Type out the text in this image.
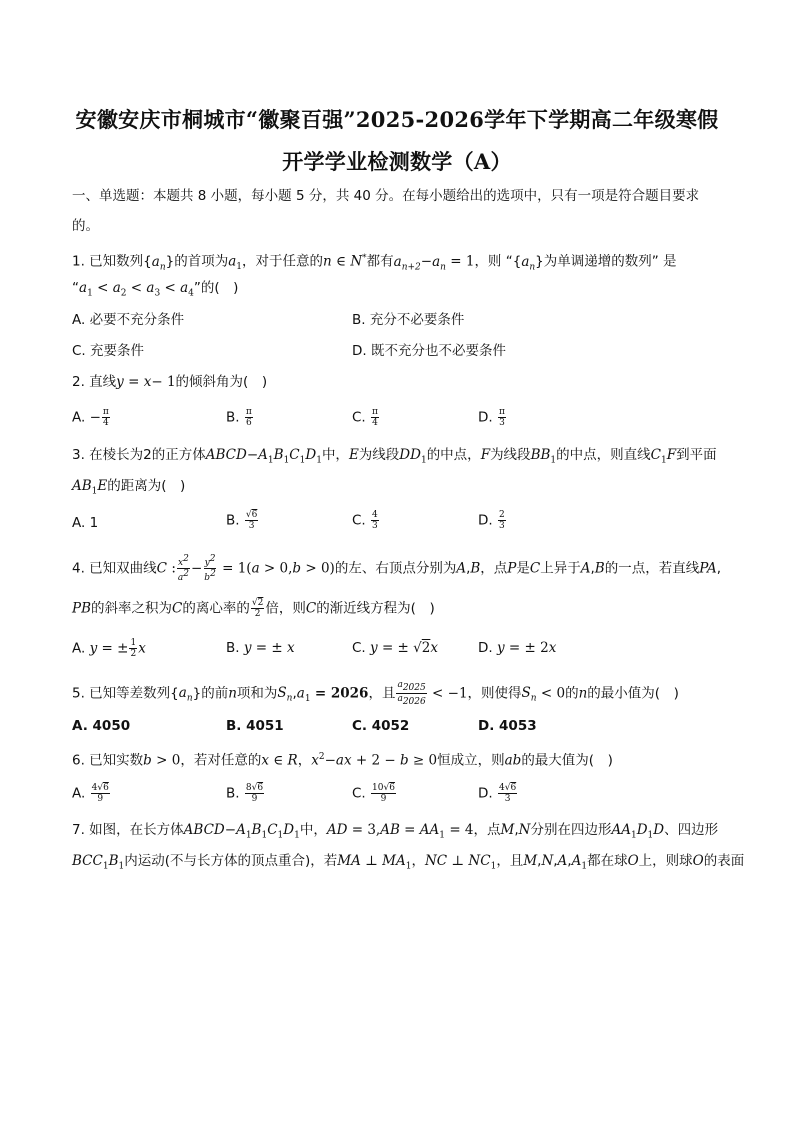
安徽安庆市桐城市“徽聚百强”2025-2026学年下学期高二年级寒假
开学学业检测数学（A）
一、单选题：本题共 8 小题，每小题 5 分，共 40 分。在每小题给出的选项中，只有一项是符合题目要求
的。
1. 已知数列$\{a_n\}$的首项为$a_1$，对于任意的n ∈ N*都有$a_{n+2}-a_n = 1$，则 “$\{a_n\}$为单调递增的数列” 是
“$a_1 < a_2 < a_3 < a_4$”的(　)
A. 必要不充分条件	B. 充分不必要条件
C. 充要条件	D. 既不充分也不必要条件
2. 直线y = x− 1的倾斜角为(　)
A. − $\frac{\pi}{4}$	B. $\frac{\pi}{6}$	C. $\frac{\pi}{4}$	D. $\frac{\pi}{3}$
3. 在棱长为2的正方体$ABCD-A_1B_1C_1D_1$中，E为线段$DD_1$的中点，F为线段$BB_1$的中点，则直线$C_1F$到平面
$AB_1E$的距离为(　)
A. 1	B. $\frac{√6}{3}$	C. $\frac{4}{3}$	D. $\frac{2}{3}$
4. 已知双曲线C : $\frac{x^2}{a^2} - \frac{y^2}{b^2} = 1(a > 0,b > 0)$的左、右顶点分别为A,B，点P是C上异于A,B的一点，若直线PA,
PB的斜率之积为C的离心率的 $\frac{√2}{2}$ 倍，则C的渐近线方程为(　)
A. y = ± $\frac{1}{2}$ x	B. y = ± x	C. y = ± √2x	D. y = ± 2x
5. 已知等差数列$\{a_n\}$的前n项和为$S_n,a_1 = 2026$，且 $\frac{a_{2025}}{a_{2026}} < -1$，则使得$S_n < 0$的n的最小值为(　)
A. 4050	B. 4051	C. 4052	D. 4053
6. 已知实数b > 0，若对任意的x ∈ R，$x^2-ax + 2 - b \ge 0$恒成立，则ab的最大值为(　)
A. $\frac{4√6}{9}$	B. $\frac{8√6}{9}$	C. $\frac{10√6}{9}$	D. $\frac{4√6}{3}$
7. 如图，在长方体$ABCD-A_1B_1C_1D_1$中，AD = $3,AB = AA_1 = 4$，点M,N分别在四边形$AA_1D_1D$、四边形
$BCC_1B_1$内运动(不与长方体的顶点重合)，若MA ⊥ $MA_1$，NC ⊥ $NC_1$，且$M,N,A,A_1$都在球O上，则球O的表面
